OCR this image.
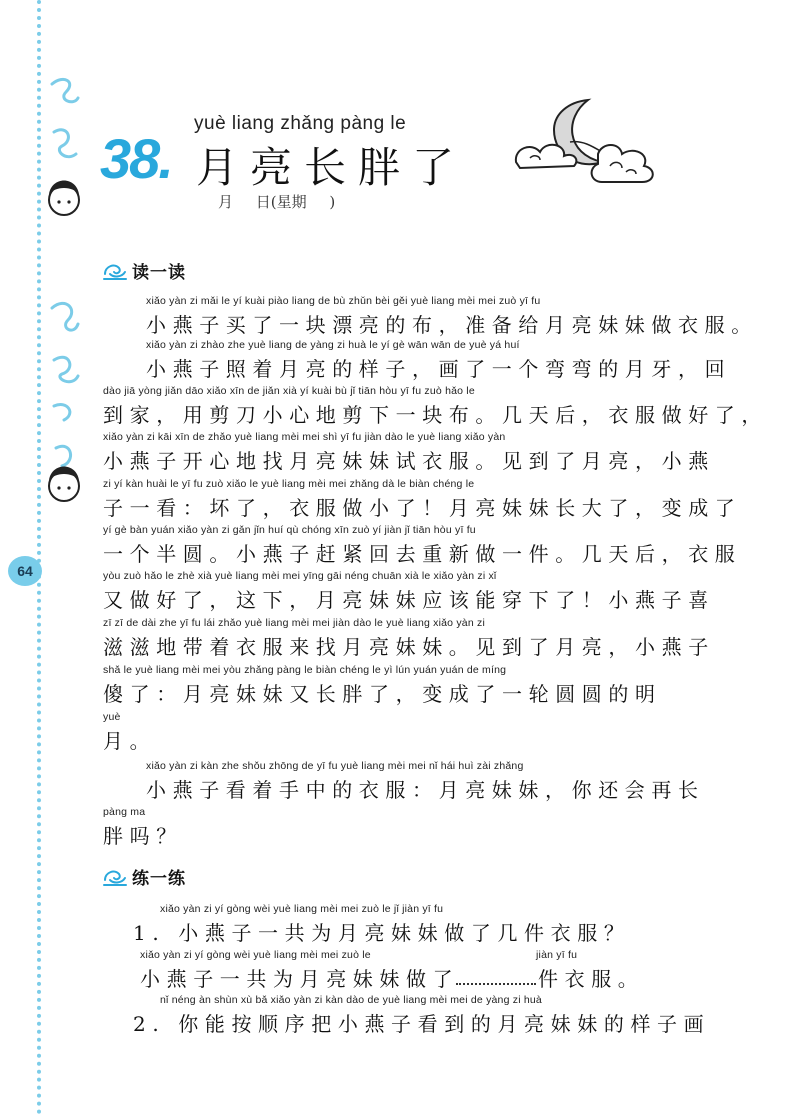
64
yuè liang zhǎng pàng le
38. 月亮长胖了
月 日(星期 )
读一读
xiǎo yàn zi mǎi le yí kuài piào liang de bù zhǔn bèi gěi yuè liang mèi mei zuò yī fu
小燕子买了一块漂亮的布，准备给月亮妹妹做衣服。
xiǎo yàn zi zhào zhe yuè liang de yàng zi huà le yí gè wān wān de yuè yá huí
小燕子照着月亮的样子，画了一个弯弯的月牙，回
dào jiā yòng jiǎn dāo xiǎo xīn de jiǎn xià yí kuài bù jǐ tiān hòu yī fu zuò hǎo le
到家，用剪刀小心地剪下一块布。几天后，衣服做好了，
xiǎo yàn zi kāi xīn de zhǎo yuè liang mèi mei shì yī fu jiàn dào le yuè liang xiǎo yàn
小燕子开心地找月亮妹妹试衣服。见到了月亮，小燕
zi yí kàn huài le yī fu zuò xiǎo le yuè liang mèi mei zhǎng dà le biàn chéng le
子一看：坏了，衣服做小了！月亮妹妹长大了，变成了
yí gè bàn yuán xiǎo yàn zi gǎn jǐn huí qù chóng xīn zuò yí jiàn jǐ tiān hòu yī fu
一个半圆。小燕子赶紧回去重新做一件。几天后，衣服
yòu zuò hǎo le zhè xià yuè liang mèi mei yīng gāi néng chuān xià le xiǎo yàn zi xǐ
又做好了，这下，月亮妹妹应该能穿下了！小燕子喜
zī zī de dài zhe yī fu lái zhǎo yuè liang mèi mei jiàn dào le yuè liang xiǎo yàn zi
滋滋地带着衣服来找月亮妹妹。见到了月亮，小燕子
shǎ le yuè liang mèi mei yòu zhǎng pàng le biàn chéng le yì lún yuán yuán de míng
傻了：月亮妹妹又长胖了，变成了一轮圆圆的明
yuè
月。
xiǎo yàn zi kàn zhe shǒu zhōng de yī fu yuè liang mèi mei nǐ hái huì zài zhǎng
小燕子看着手中的衣服：月亮妹妹，你还会再长
pàng ma
胖吗？
练一练
xiǎo yàn zi yí gòng wèi yuè liang mèi mei zuò le jǐ jiàn yī fu
1. 小燕子一共为月亮妹妹做了几件衣服？
xiǎo yàn zi yí gòng wèi yuè liang mèi mei zuò le	jiàn yī fu
小燕子一共为月亮妹妹做了	件衣服。
nǐ néng àn shùn xù bǎ xiǎo yàn zi kàn dào de yuè liang mèi mei de yàng zi huà
2. 你能按顺序把小燕子看到的月亮妹妹的样子画
